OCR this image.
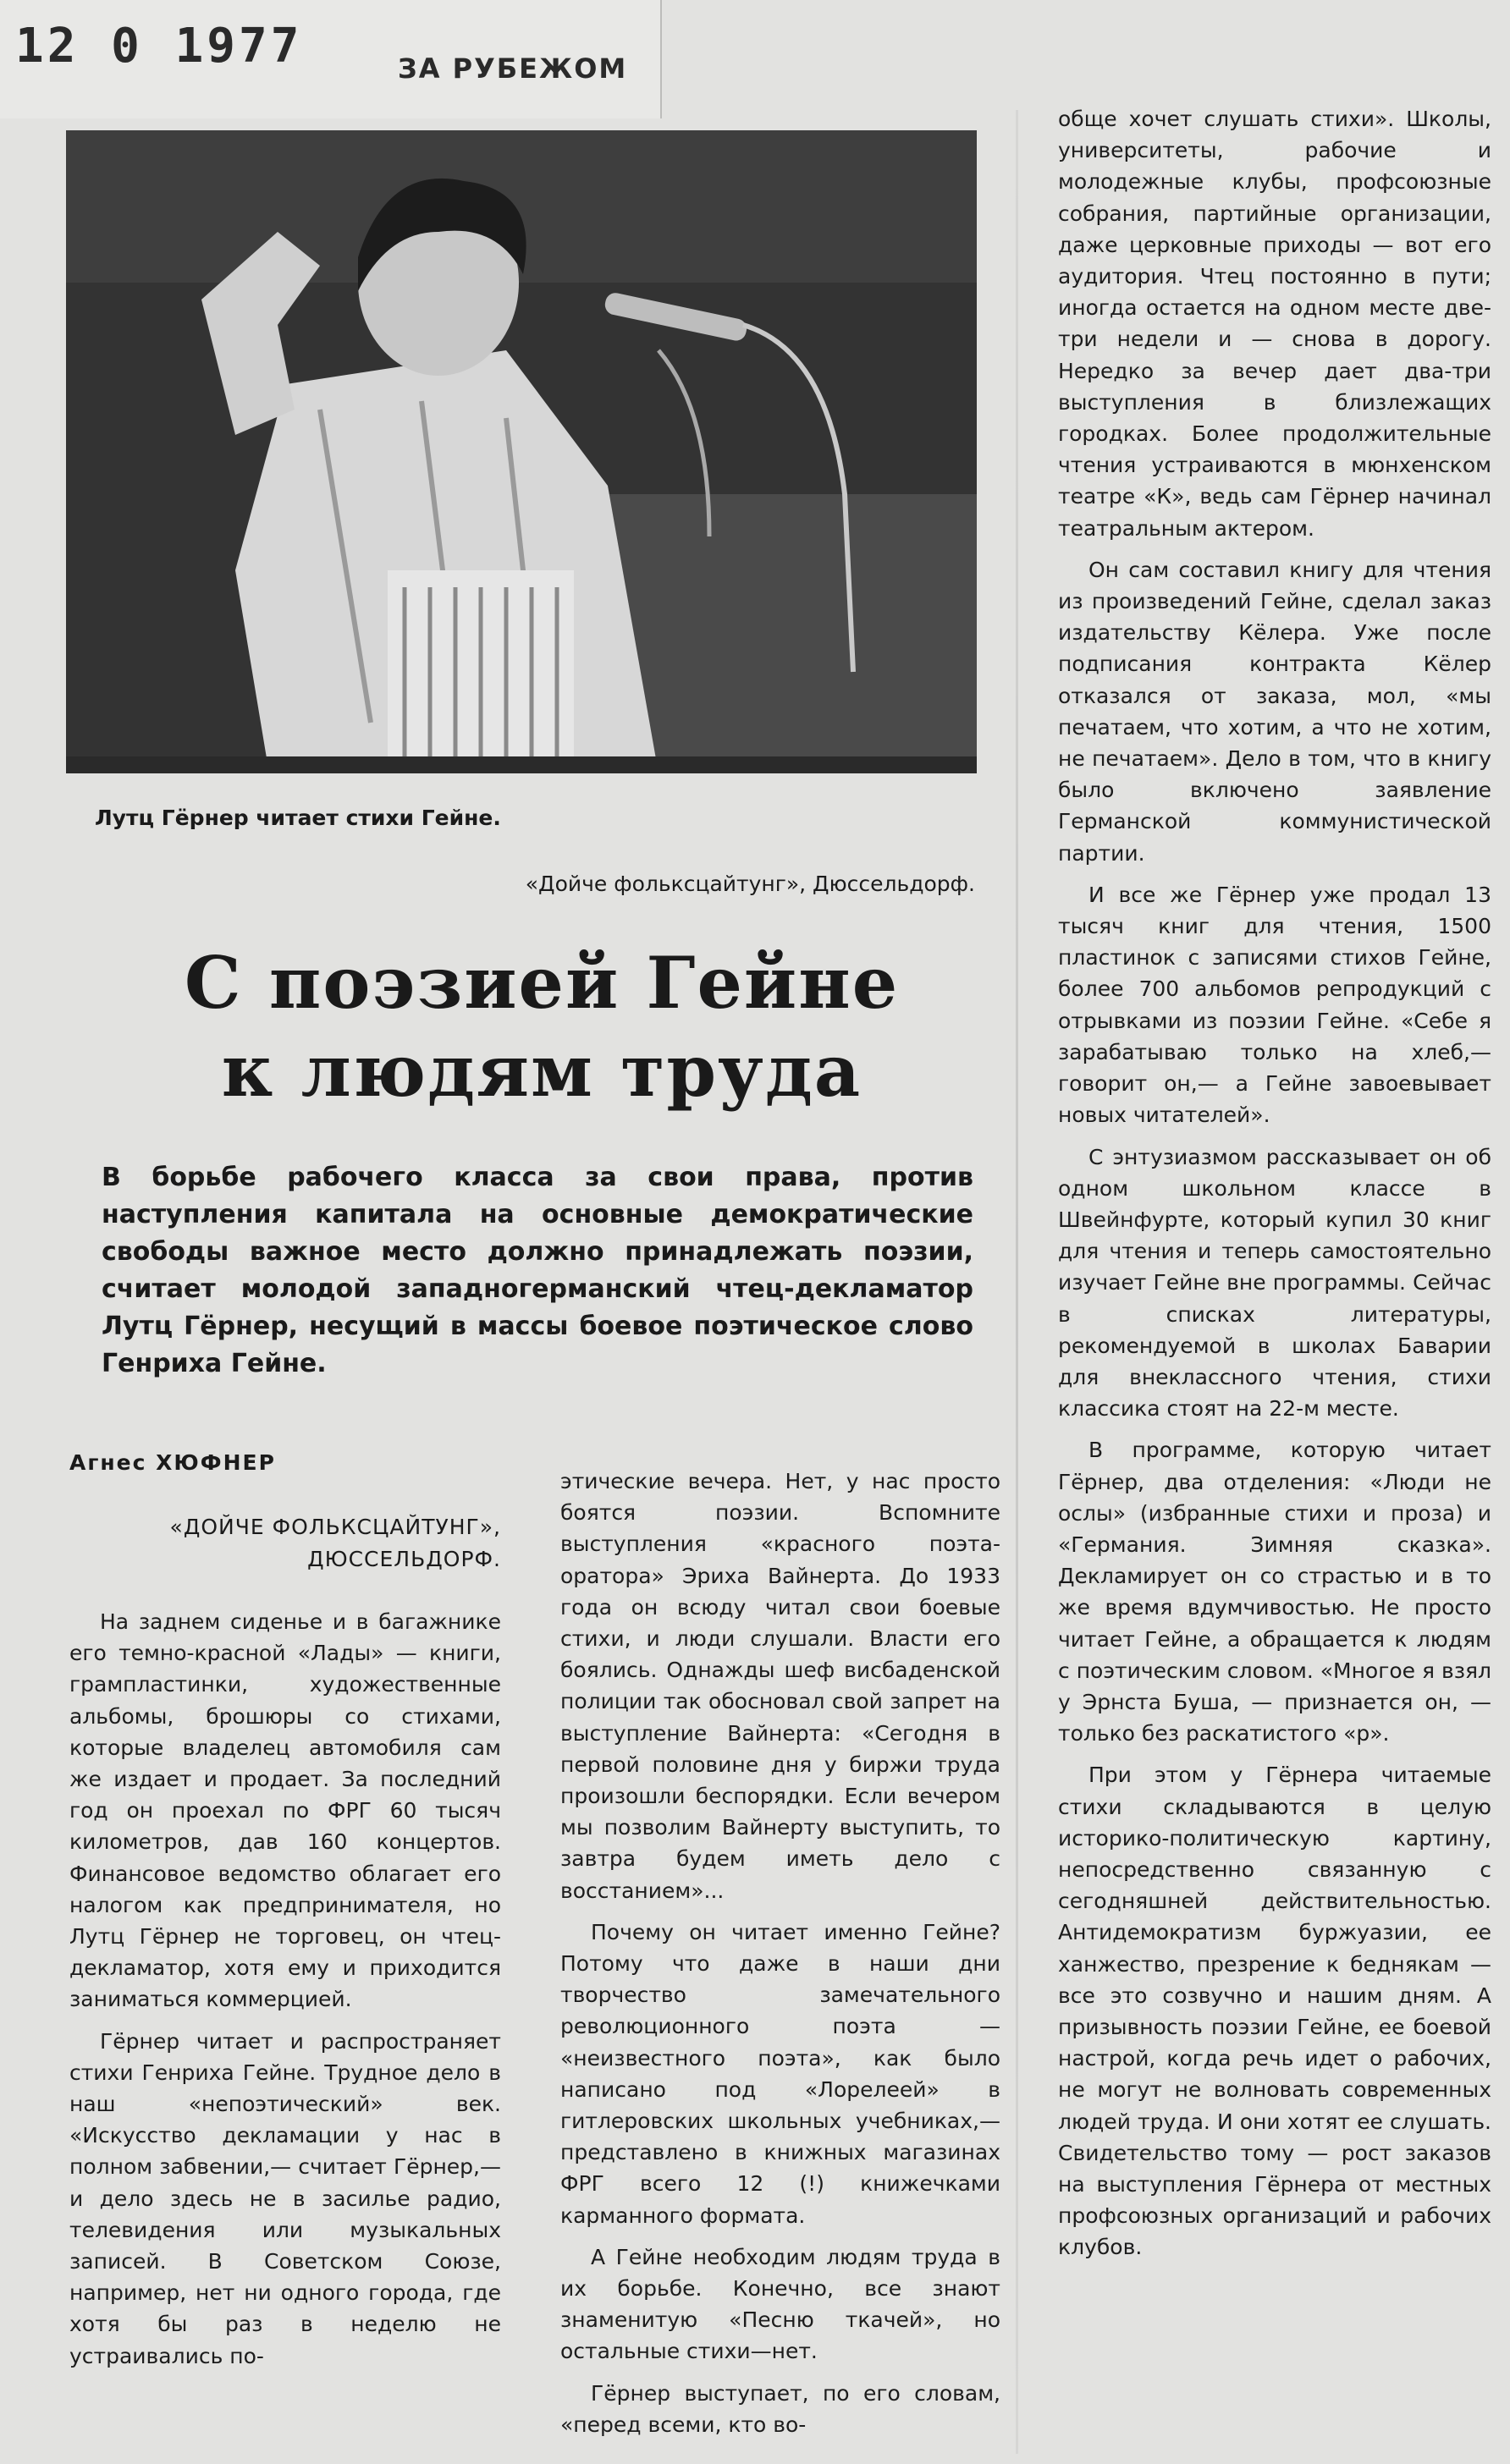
12 0 1977	ЗА РУБЕЖОМ
Лутц Гёрнер читает стихи Гейне.
«Дойче фольксцайтунг», Дюссельдорф.
С поэзией Гейне
к людям труда
В борьбе рабочего класса за свои права, против наступления капитала на основные демократические свободы важное место должно принадлежать поэзии, считает молодой западногерманский чтец-декламатор Лутц Гёрнер, несущий в массы боевое поэтическое слово Генриха Гейне.
Агнес ХЮФНЕР
«ДОЙЧЕ ФОЛЬКСЦАЙТУНГ»,
ДЮССЕЛЬДОРФ.

На заднем сиденье и в багажнике его темно-красной «Лады» — книги, грампластинки, художественные альбомы, брошюры со стихами, которые владелец автомобиля сам же издает и продает. За последний год он проехал по ФРГ 60 тысяч километров, дав 160 концертов. Финансовое ведомство облагает его налогом как предпринимателя, но Лутц Гёрнер не торговец, он чтец-декламатор, хотя ему и приходится заниматься коммерцией.

Гёрнер читает и распространяет стихи Генриха Гейне. Трудное дело в наш «непоэтический» век. «Искусство декламации у нас в полном забвении,— считает Гёрнер,— и дело здесь не в засилье радио, телевидения или музыкальных записей. В Советском Союзе, например, нет ни одного города, где хотя бы раз в неделю не устраивались по-

этические вечера. Нет, у нас просто боятся поэзии. Вспомните выступления «красного поэта-оратора» Эриха Вайнерта. До 1933 года он всюду читал свои боевые стихи, и люди слушали. Власти его боялись. Однажды шеф висбаденской полиции так обосновал свой запрет на выступление Вайнерта: «Сегодня в первой половине дня у биржи труда произошли беспорядки. Если вечером мы позволим Вайнерту выступить, то завтра будем иметь дело с восстанием»...

Почему он читает именно Гейне? Потому что даже в наши дни творчество замечательного революционного поэта — «неизвестного поэта», как было написано под «Лорелеей» в гитлеровских школьных учебниках,— представлено в книжных магазинах ФРГ всего 12 (!) книжечками карманного формата.

А Гейне необходим людям труда в их борьбе. Конечно, все знают знаменитую «Песню ткачей», но остальные стихи—нет.

Гёрнер выступает, по его словам, «перед всеми, кто во-

обще хочет слушать стихи». Школы, университеты, рабочие и молодежные клубы, профсоюзные собрания, партийные организации, даже церковные приходы — вот его аудитория. Чтец постоянно в пути; иногда остается на одном месте две-три недели и — снова в дорогу. Нередко за вечер дает два-три выступления в близлежащих городках. Более продолжительные чтения устраиваются в мюнхенском театре «К», ведь сам Гёрнер начинал театральным актером.

Он сам составил книгу для чтения из произведений Гейне, сделал заказ издательству Кёлера. Уже после подписания контракта Кёлер отказался от заказа, мол, «мы печатаем, что хотим, а что не хотим, не печатаем». Дело в том, что в книгу было включено заявление Германской коммунистической партии.

И все же Гёрнер уже продал 13 тысяч книг для чтения, 1500 пластинок с записями стихов Гейне, более 700 альбомов репродукций с отрывками из поэзии Гейне. «Себе я зарабатываю только на хлеб,— говорит он,— а Гейне завоевывает новых читателей».

С энтузиазмом рассказывает он об одном школьном классе в Швейнфурте, который купил 30 книг для чтения и теперь самостоятельно изучает Гейне вне программы. Сейчас в списках литературы, рекомендуемой в школах Баварии для внеклассного чтения, стихи классика стоят на 22-м месте.

В программе, которую читает Гёрнер, два отделения: «Люди не ослы» (избранные стихи и проза) и «Германия. Зимняя сказка». Декламирует он со страстью и в то же время вдумчивостью. Не просто читает Гейне, а обращается к людям с поэтическим словом. «Многое я взял у Эрнста Буша, — признается он, — только без раскатистого «р».

При этом у Гёрнера читаемые стихи складываются в целую историко-политическую картину, непосредственно связанную с сегодняшней действительностью. Антидемократизм буржуазии, ее ханжество, презрение к беднякам — все это созвучно и нашим дням. А призывность поэзии Гейне, ее боевой настрой, когда речь идет о рабочих, не могут не волновать современных людей труда. И они хотят ее слушать. Свидетельство тому — рост заказов на выступления Гёрнера от местных профсоюзных организаций и рабочих клубов.
